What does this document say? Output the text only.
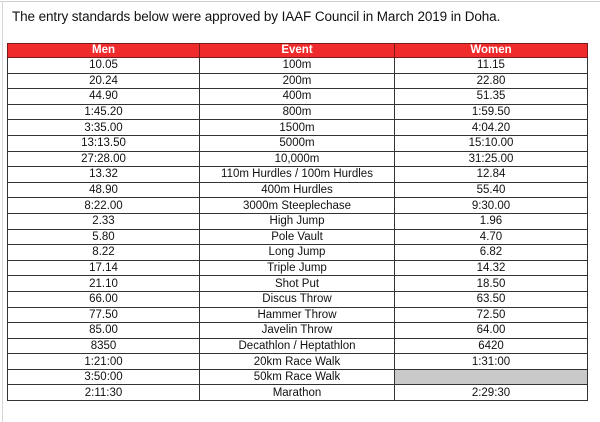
The entry standards below were approved by IAAF Council in March 2019 in Doha.
Men	Event	Women
10.05	100m	11.15
20.24	200m	22.80
44.90	400m	51.35
1:45.20	800m	1:59.50
3:35.00	1500m	4:04.20
13:13.50	5000m	15:10.00
27:28.00	10,000m	31:25.00
13.32	110m Hurdles / 100m Hurdles	12.84
48.90	400m Hurdles	55.40
8:22.00	3000m Steeplechase	9:30.00
2.33	High Jump	1.96
5.80	Pole Vault	4.70
8.22	Long Jump	6.82
17.14	Triple Jump	14.32
21.10	Shot Put	18.50
66.00	Discus Throw	63.50
77.50	Hammer Throw	72.50
85.00	Javelin Throw	64.00
8350	Decathlon / Heptathlon	6420
1:21:00	20km Race Walk	1:31:00
3:50:00	50km Race Walk	
2:11:30	Marathon	2:29:30
